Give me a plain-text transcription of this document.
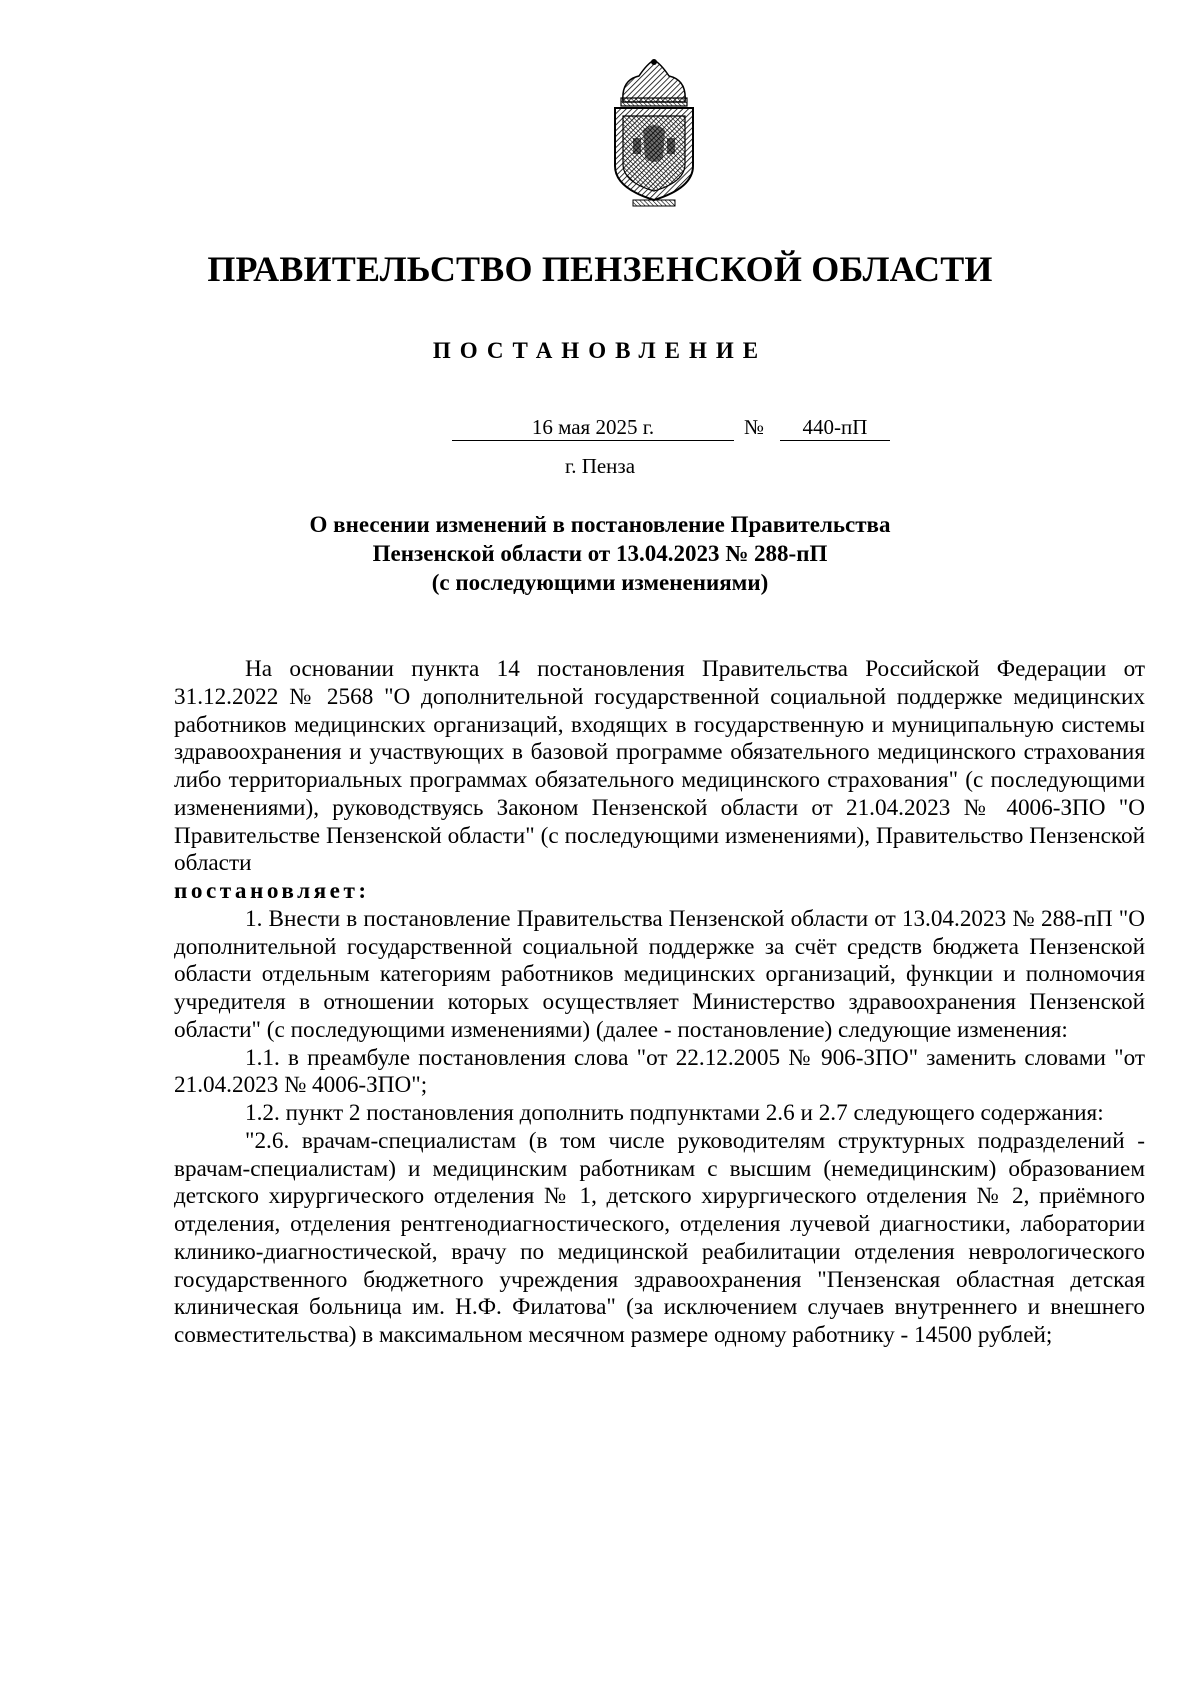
ПРАВИТЕЛЬСТВО ПЕНЗЕНСКОЙ ОБЛАСТИ
ПОСТАНОВЛЕНИЕ
16 мая 2025 г.	№	440-пП
г. Пенза
О внесении изменений в постановление Правительства
Пензенской области от 13.04.2023 № 288-пП
(с последующими изменениями)

На основании пункта 14 постановления Правительства Российской Федерации от 31.12.2022 № 2568 "О дополнительной государственной социальной поддержке медицинских работников медицинских организаций, входящих в государственную и муниципальную системы здравоохранения и участвующих в базовой программе обязательного медицинского страхования либо территориальных программах обязательного медицинского страхования" (с последующими изменениями), руководствуясь Законом Пензенской области от 21.04.2023 № 4006-ЗПО "О Правительстве Пензенской области" (с последующими изменениями), Правительство Пензенской области

постановляет:

1. Внести в постановление Правительства Пензенской области от 13.04.2023 № 288-пП "О дополнительной государственной социальной поддержке за счёт средств бюджета Пензенской области отдельным категориям работников медицинских организаций, функции и полномочия учредителя в отношении которых осуществляет Министерство здравоохранения Пензенской области" (с последующими изменениями) (далее - постановление) следующие изменения:

1.1. в преамбуле постановления слова "от 22.12.2005 № 906-ЗПО" заменить словами "от 21.04.2023 № 4006-ЗПО";

1.2. пункт 2 постановления дополнить подпунктами 2.6 и 2.7 следующего содержания:

"2.6. врачам-специалистам (в том числе руководителям структурных подразделений - врачам-специалистам) и медицинским работникам с высшим (немедицинским) образованием детского хирургического отделения № 1, детского хирургического отделения № 2, приёмного отделения, отделения рентгенодиагностического, отделения лучевой диагностики, лаборатории клинико-диагностической, врачу по медицинской реабилитации отделения неврологического государственного бюджетного учреждения здравоохранения "Пензенская областная детская клиническая больница им. Н.Ф. Филатова" (за исключением случаев внутреннего и внешнего совместительства) в максимальном месячном размере одному работнику - 14500 рублей;
